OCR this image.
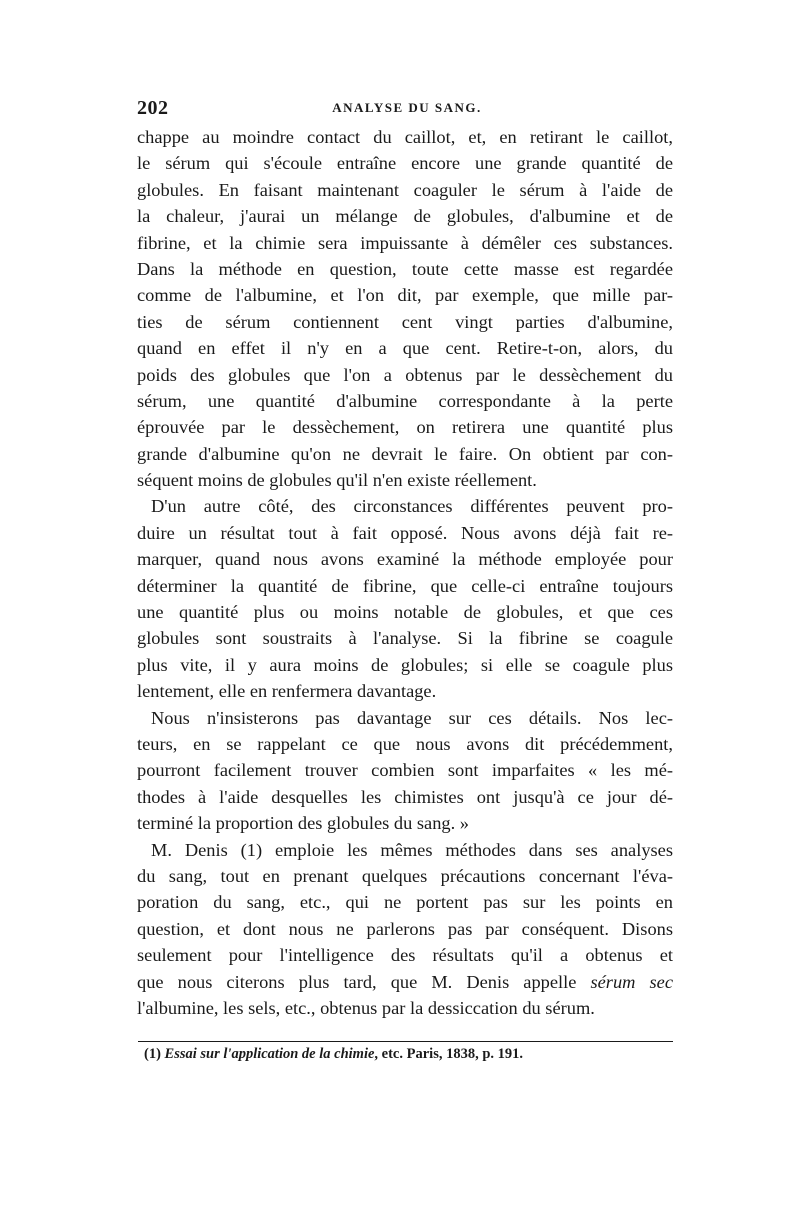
202	ANALYSE DU SANG.
chappe au moindre contact du caillot, et, en retirant le caillot,
le sérum qui s'écoule entraîne encore une grande quantité de
globules. En faisant maintenant coaguler le sérum à l'aide de
la chaleur, j'aurai un mélange de globules, d'albumine et de
fibrine, et la chimie sera impuissante à démêler ces substances.
Dans la méthode en question, toute cette masse est regardée
comme de l'albumine, et l'on dit, par exemple, que mille par-
ties de sérum contiennent cent vingt parties d'albumine,
quand en effet il n'y en a que cent. Retire-t-on, alors, du
poids des globules que l'on a obtenus par le dessèchement du
sérum, une quantité d'albumine correspondante à la perte
éprouvée par le dessèchement, on retirera une quantité plus
grande d'albumine qu'on ne devrait le faire. On obtient par con-
séquent moins de globules qu'il n'en existe réellement.
D'un autre côté, des circonstances différentes peuvent pro-
duire un résultat tout à fait opposé. Nous avons déjà fait re-
marquer, quand nous avons examiné la méthode employée pour
déterminer la quantité de fibrine, que celle-ci entraîne toujours
une quantité plus ou moins notable de globules, et que ces
globules sont soustraits à l'analyse. Si la fibrine se coagule
plus vite, il y aura moins de globules; si elle se coagule plus
lentement, elle en renfermera davantage.
Nous n'insisterons pas davantage sur ces détails. Nos lec-
teurs, en se rappelant ce que nous avons dit précédemment,
pourront facilement trouver combien sont imparfaites « les mé-
thodes à l'aide desquelles les chimistes ont jusqu'à ce jour dé-
terminé la proportion des globules du sang. »
M. Denis (1) emploie les mêmes méthodes dans ses analyses
du sang, tout en prenant quelques précautions concernant l'éva-
poration du sang, etc., qui ne portent pas sur les points en
question, et dont nous ne parlerons pas par conséquent. Disons
seulement pour l'intelligence des résultats qu'il a obtenus et
que nous citerons plus tard, que M. Denis appelle sérum sec
l'albumine, les sels, etc., obtenus par la dessiccation du sérum.
(1) Essai sur l'application de la chimie, etc. Paris, 1838, p. 191.
